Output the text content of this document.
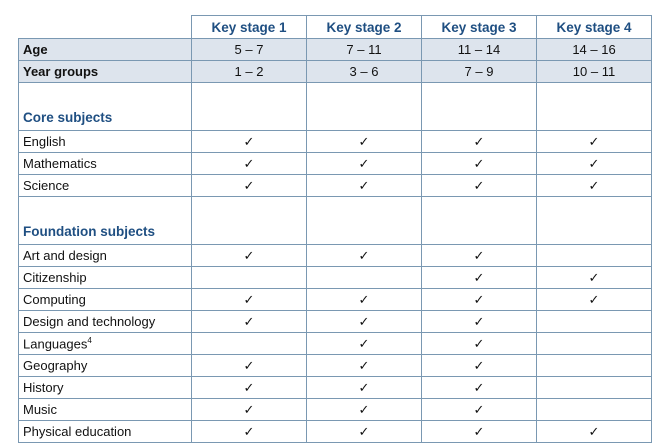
	Key stage 1	Key stage 2	Key stage 3	Key stage 4
Age	5 – 7	7 – 11	11 – 14	14 – 16
Year groups	1 – 2	3 – 6	7 – 9	10 – 11
Core subjects				
English	✓	✓	✓	✓
Mathematics	✓	✓	✓	✓
Science	✓	✓	✓	✓
Foundation subjects				
Art and design	✓	✓	✓	
Citizenship			✓	✓
Computing	✓	✓	✓	✓
Design and technology	✓	✓	✓	
Languages$^4$		✓	✓	
Geography	✓	✓	✓	
History	✓	✓	✓	
Music	✓	✓	✓	
Physical education	✓	✓	✓	✓
